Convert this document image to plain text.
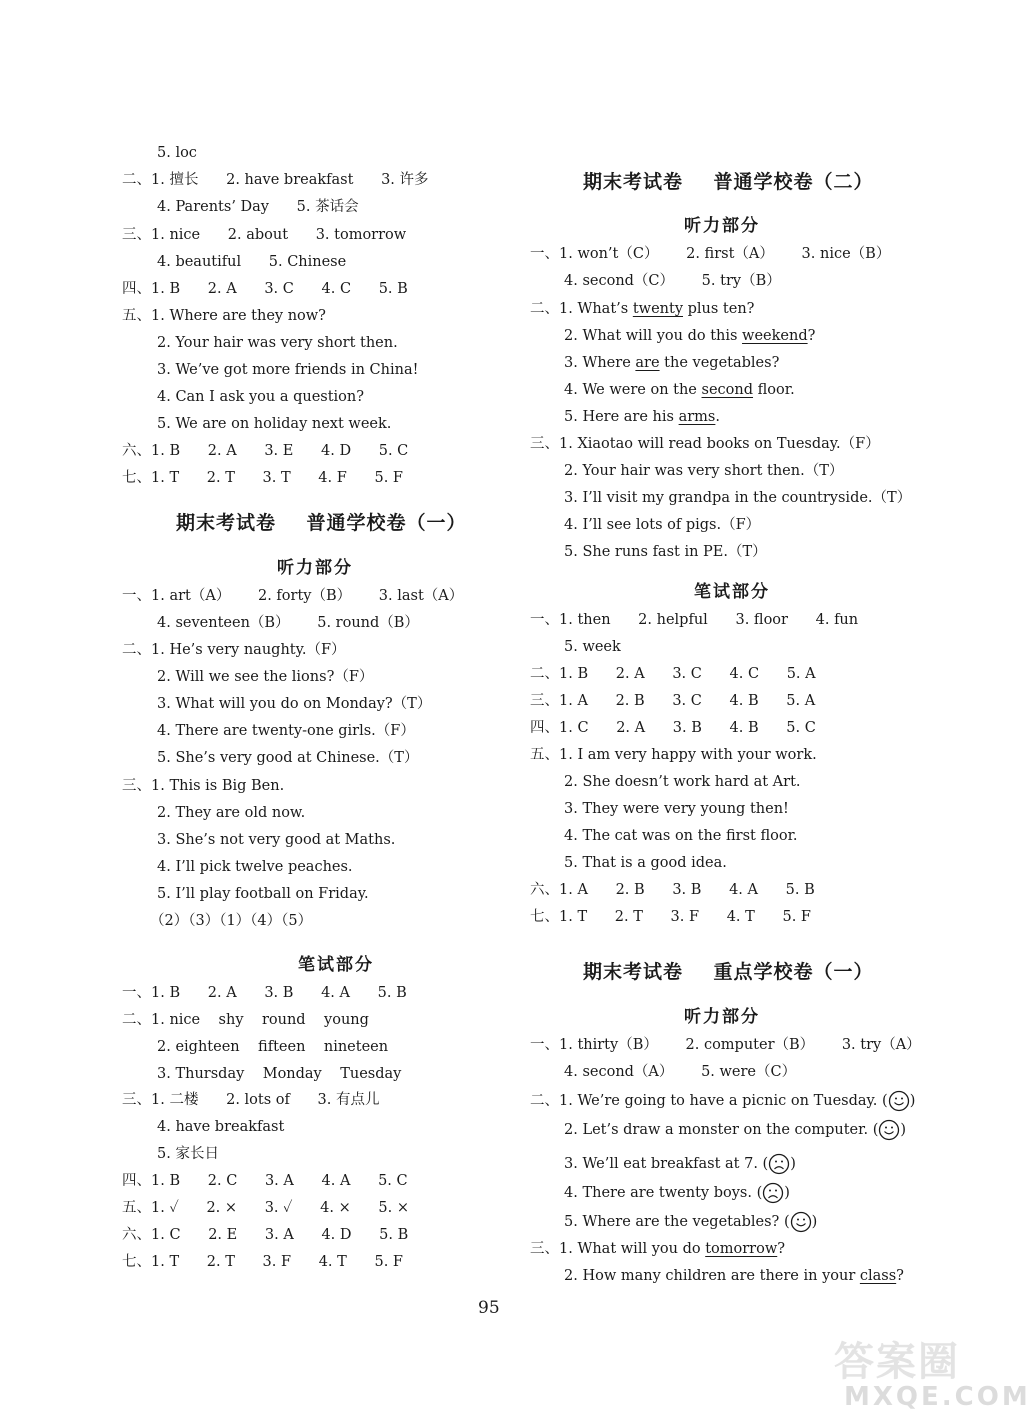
5. loc
二、1. 擅长      2. have breakfast      3. 许多
4. Parents’ Day      5. 茶话会
三、1. nice      2. about      3. tomorrow
4. beautiful      5. Chinese
四、1. B      2. A      3. C      4. C      5. B
五、1. Where are they now?
2. Your hair was very short then.
3. We’ve got more friends in China!
4. Can I ask you a question?
5. We are on holiday next week.
六、1. B      2. A      3. E      4. D      5. C
七、1. T      2. T      3. T      4. F      5. F
期末考试卷    普通学校卷（一）
听力部分
一、1. art（A）      2. forty（B）      3. last（A）
4. seventeen（B）      5. round（B）
二、1. He’s very naughty.（F）
2. Will we see the lions?（F）
3. What will you do on Monday?（T）
4. There are twenty-one girls.（F）
5. She’s very good at Chinese.（T）
三、1. This is Big Ben.
2. They are old now.
3. She’s not very good at Maths.
4. I’ll pick twelve peaches.
5. I’ll play football on Friday.
（2）（3）（1）（4）（5）
笔试部分
一、1. B      2. A      3. B      4. A      5. B
二、1. nice    shy    round    young
2. eighteen    fifteen    nineteen
3. Thursday    Monday    Tuesday
三、1. 二楼      2. lots of      3. 有点儿
4. have breakfast
5. 家长日
四、1. B      2. C      3. A      4. A      5. C
五、1. ✓      2. ×      3. ✓      4. ×      5. ×
六、1. C      2. E      3. A      4. D      5. B
七、1. T      2. T      3. F      4. T      5. F
期末考试卷    普通学校卷（二）
听力部分
一、1. won’t（C）      2. first（A）      3. nice（B）
4. second（C）      5. try（B）
二、1. What’s twenty plus ten?
2. What will you do this weekend?
3. Where are the vegetables?
4. We were on the second floor.
5. Here are his arms.
三、1. Xiaotao will read books on Tuesday.（F）
2. Your hair was very short then.（T）
3. I’ll visit my grandpa in the countryside.（T）
4. I’ll see lots of pigs.（F）
5. She runs fast in PE.（T）
笔试部分
一、1. then      2. helpful      3. floor      4. fun
5. week
二、1. B      2. A      3. C      4. C      5. A
三、1. A      2. B      3. C      4. B      5. A
四、1. C      2. A      3. B      4. B      5. C
五、1. I am very happy with your work.
2. She doesn’t work hard at Art.
3. They were very young then!
4. The cat was on the first floor.
5. That is a good idea.
六、1. A      2. B      3. B      4. A      5. B
七、1. T      2. T      3. F      4. T      5. F
期末考试卷    重点学校卷（一）
听力部分
一、1. thirty（B）      2. computer（B）      3. try（A）
4. second（A）      5. were（C）
二、1. We’re going to have a picnic on Tuesday. ( )
2. Let’s draw a monster on the computer. ( )
3. We’ll eat breakfast at 7. ( )
4. There are twenty boys. ( )
5. Where are the vegetables? ( )
三、1. What will you do tomorrow?
2. How many children are there in your class?
95
答案圈
MXQE.COM
